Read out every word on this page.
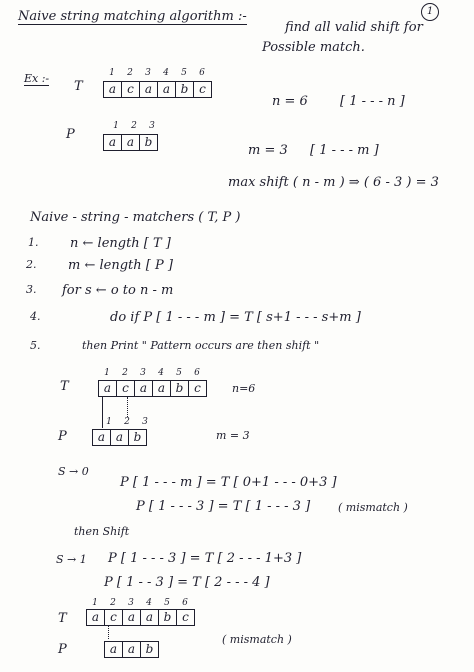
1
Naive string matching algorithm :-
find all valid shift for
Possible match.
Ex :-
T
1	2	3	4	5	6
a c a a b c
n = 6 [ 1 - - - n ]
P
1	2	3
a a b
m = 3 [ 1 - - - m ]
max shift ( n - m ) ⇒ ( 6 - 3 ) = 3
Naive - string - matchers ( T, P )
1. n ← length [ T ]
2. m ← length [ P ]
3. for s ← o to n - m
4.	do if P [ 1 - - - m ] = T [ s+1 - - - s+m ]
5.	then Print " Pattern occurs are then shift "
T
1	2	3	4	5	6
a c a a b c	n=6
1	2	3
P	a a b	m = 3
S → 0
P [ 1 - - - m ] = T [ 0+1 - - - 0+3 ]
P [ 1 - - - 3 ] = T [ 1 - - - 3 ]	( mismatch )
then Shift
S → 1 P [ 1 - - - 3 ] = T [ 2 - - - 1+3 ]
P [ 1 - - 3 ] = T [ 2 - - - 4 ]
T
1	2	3	4	5	6
a c a a b c
P	a a b
( mismatch )
